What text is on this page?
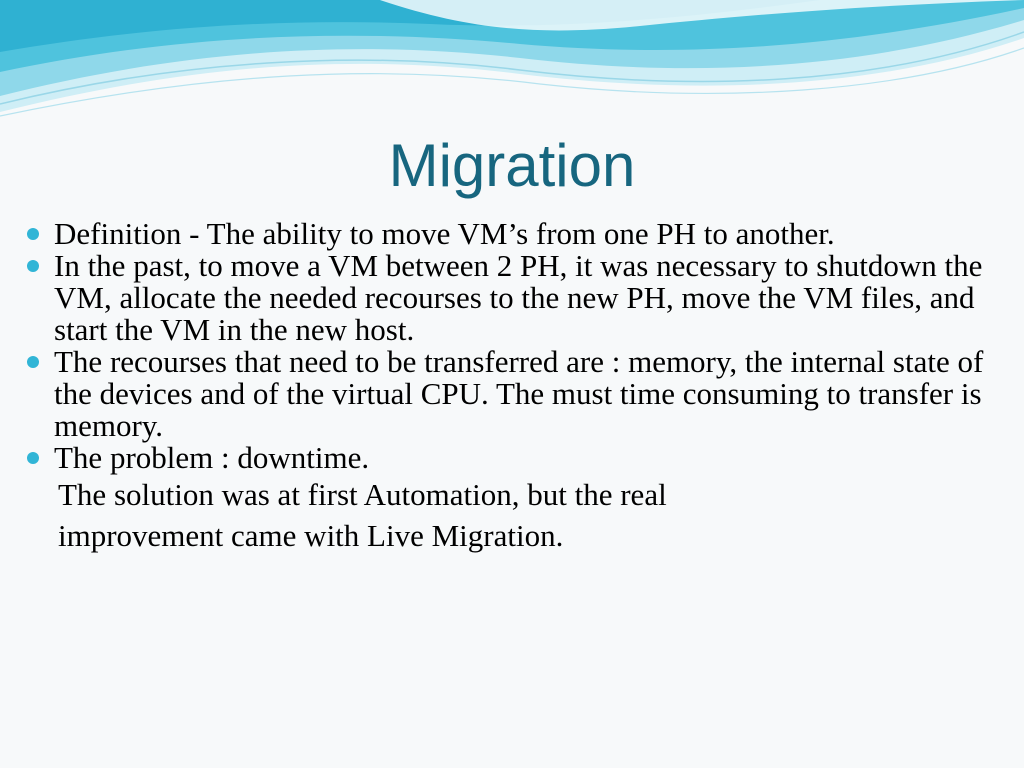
Migration
Definition - The ability to move VM’s from one PH to another.
In the past, to move a VM between 2 PH, it was necessary to shutdown the VM, allocate the needed recourses to the new PH, move the VM files, and start the VM in the new host.
The recourses that need to be transferred are : memory, the internal state of the devices and of the virtual CPU. The must time consuming to transfer is memory.
The problem : downtime.
The solution was at first Automation, but the real
improvement came with Live Migration.
